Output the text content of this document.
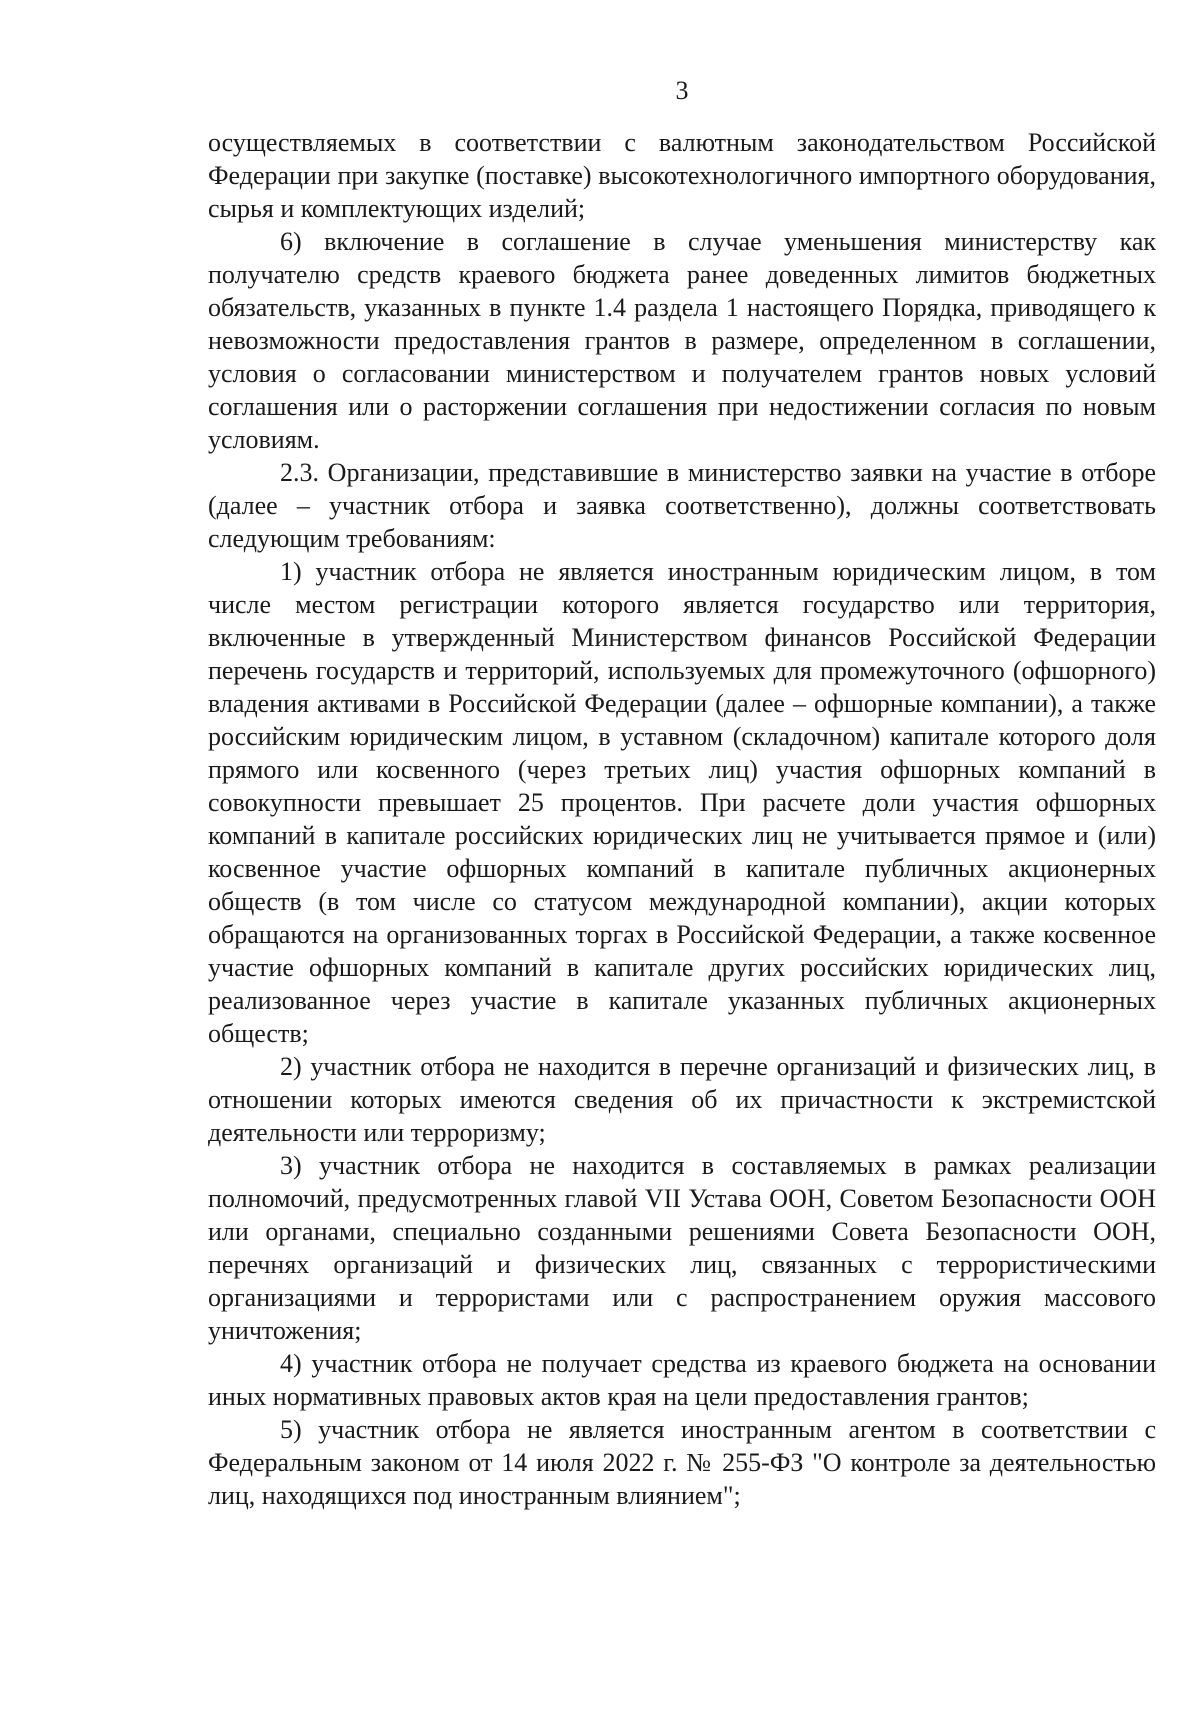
3

осуществляемых в соответствии с валютным законодательством Российской Федерации при закупке (поставке) высокотехнологичного импортного оборудования, сырья и комплектующих изделий;

6) включение в соглашение в случае уменьшения министерству как получателю средств краевого бюджета ранее доведенных лимитов бюджетных обязательств, указанных в пункте 1.4 раздела 1 настоящего Порядка, приводящего к невозможности предоставления грантов в размере, определенном в соглашении, условия о согласовании министерством и получателем грантов новых условий соглашения или о расторжении соглашения при недостижении согласия по новым условиям.

2.3. Организации, представившие в министерство заявки на участие в отборе (далее – участник отбора и заявка соответственно), должны соответствовать следующим требованиям:

1) участник отбора не является иностранным юридическим лицом, в том числе местом регистрации которого является государство или территория, включенные в утвержденный Министерством финансов Российской Федерации перечень государств и территорий, используемых для промежуточного (офшорного) владения активами в Российской Федерации (далее – офшорные компании), а также российским юридическим лицом, в уставном (складочном) капитале которого доля прямого или косвенного (через третьих лиц) участия офшорных компаний в совокупности превышает 25 процентов. При расчете доли участия офшорных компаний в капитале российских юридических лиц не учитывается прямое и (или) косвенное участие офшорных компаний в капитале публичных акционерных обществ (в том числе со статусом международной компании), акции которых обращаются на организованных торгах в Российской Федерации, а также косвенное участие офшорных компаний в капитале других российских юридических лиц, реализованное через участие в капитале указанных публичных акционерных обществ;

2) участник отбора не находится в перечне организаций и физических лиц, в отношении которых имеются сведения об их причастности к экстремистской деятельности или терроризму;

3) участник отбора не находится в составляемых в рамках реализации полномочий, предусмотренных главой VII Устава ООН, Советом Безопасности ООН или органами, специально созданными решениями Совета Безопасности ООН, перечнях организаций и физических лиц, связанных с террористическими организациями и террористами или с распространением оружия массового уничтожения;

4) участник отбора не получает средства из краевого бюджета на основании иных нормативных правовых актов края на цели предоставления грантов;

5) участник отбора не является иностранным агентом в соответствии с Федеральным законом от 14 июля 2022 г. № 255-ФЗ "О контроле за деятельностью лиц, находящихся под иностранным влиянием";
